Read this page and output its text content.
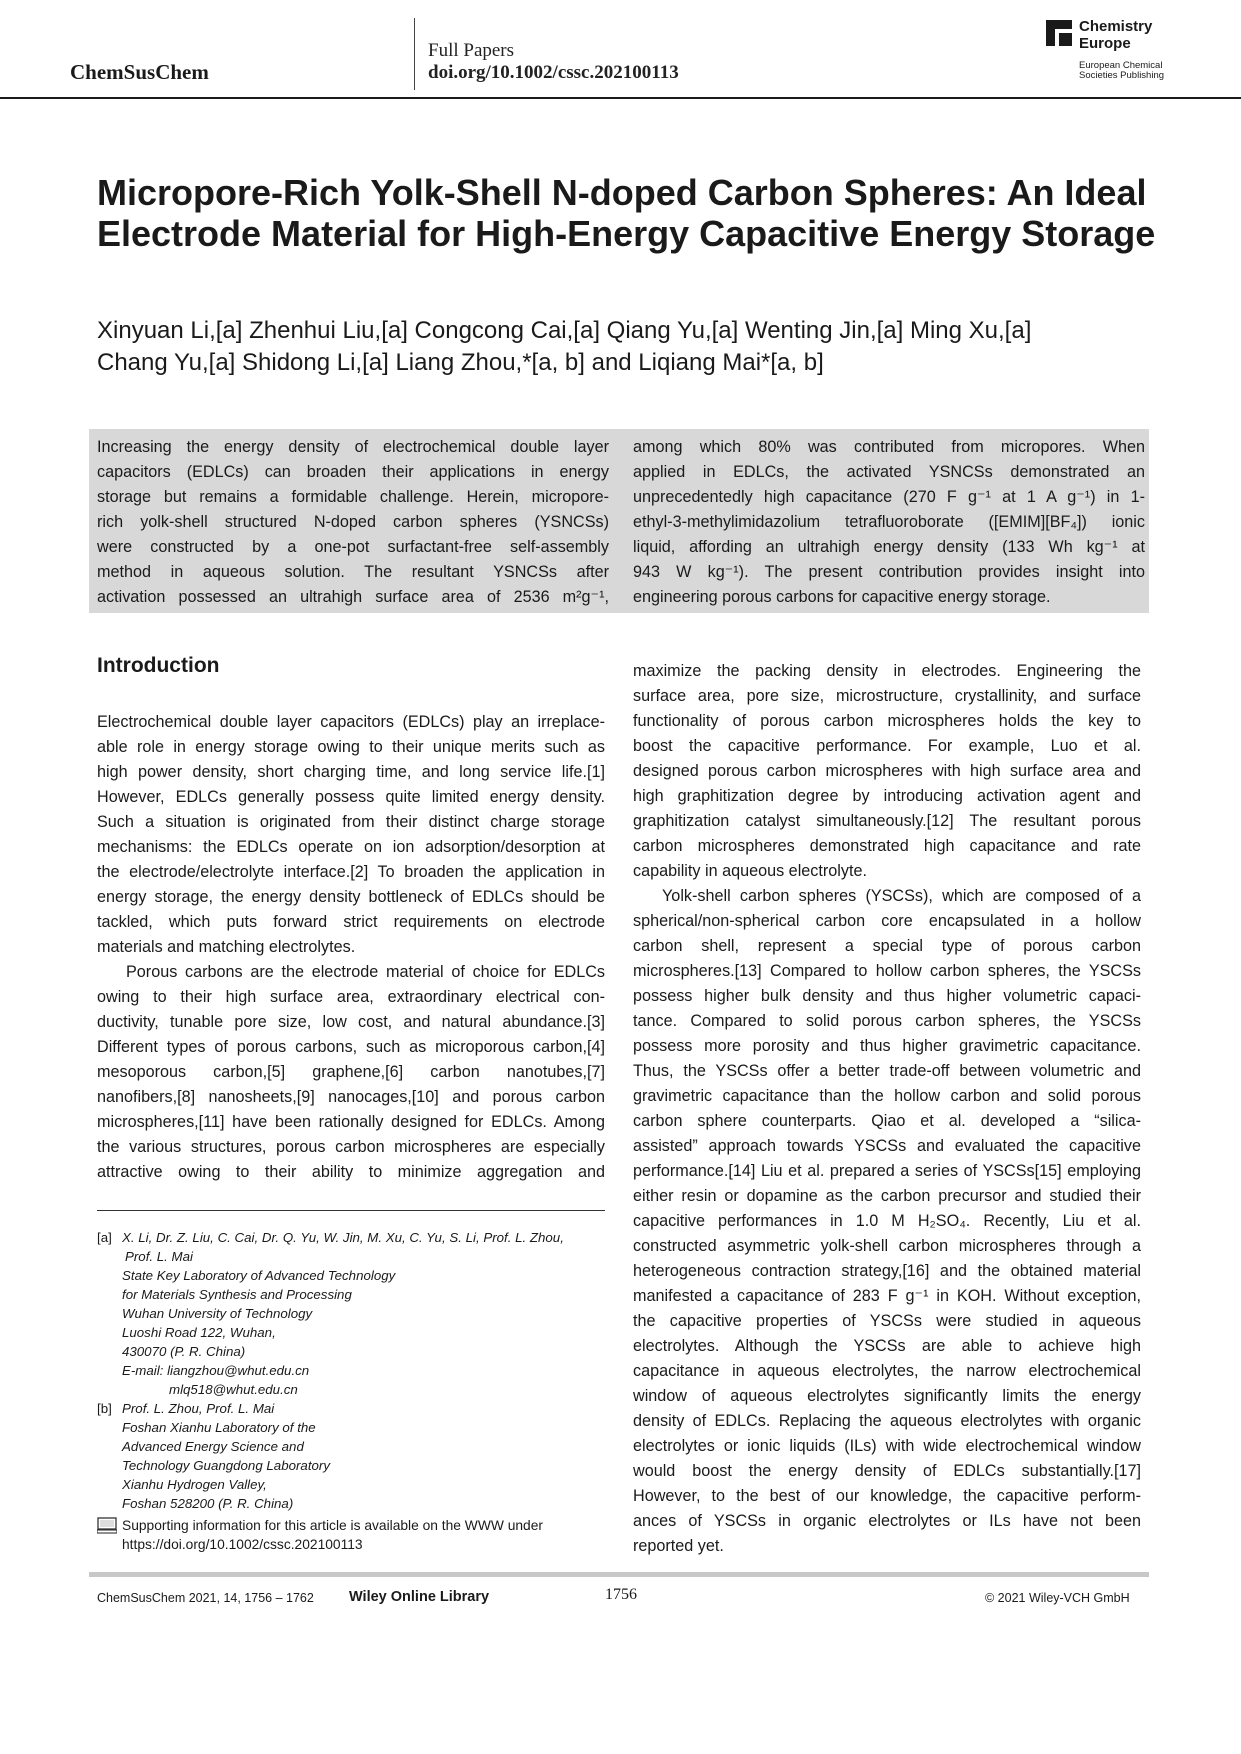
ChemSusChem
Full Papers
doi.org/10.1002/cssc.202100113
Chemistry
Europe
European Chemical
Societies Publishing
Micropore-Rich Yolk-Shell N-doped Carbon Spheres: An Ideal Electrode Material for High-Energy Capacitive Energy Storage
Xinyuan Li,[a] Zhenhui Liu,[a] Congcong Cai,[a] Qiang Yu,[a] Wenting Jin,[a] Ming Xu,[a]
Chang Yu,[a] Shidong Li,[a] Liang Zhou,*[a, b] and Liqiang Mai*[a, b]
Increasing the energy density of electrochemical double layer
capacitors (EDLCs) can broaden their applications in energy
storage but remains a formidable challenge. Herein, micropore-
rich yolk-shell structured N-doped carbon spheres (YSNCSs)
were constructed by a one-pot surfactant-free self-assembly
method in aqueous solution. The resultant YSNCSs after
activation possessed an ultrahigh surface area of 2536 m²g⁻¹,
among which 80% was contributed from micropores. When
applied in EDLCs, the activated YSNCSs demonstrated an
unprecedentedly high capacitance (270 F g⁻¹ at 1 A g⁻¹) in 1-
ethyl-3-methylimidazolium tetrafluoroborate ([EMIM][BF₄]) ionic
liquid, affording an ultrahigh energy density (133 Wh kg⁻¹ at
943 W kg⁻¹). The present contribution provides insight into
engineering porous carbons for capacitive energy storage.
Introduction
Electrochemical double layer capacitors (EDLCs) play an irreplace-
able role in energy storage owing to their unique merits such as
high power density, short charging time, and long service life.[1]
However, EDLCs generally possess quite limited energy density.
Such a situation is originated from their distinct charge storage
mechanisms: the EDLCs operate on ion adsorption/desorption at
the electrode/electrolyte interface.[2] To broaden the application in
energy storage, the energy density bottleneck of EDLCs should be
tackled, which puts forward strict requirements on electrode
materials and matching electrolytes.
Porous carbons are the electrode material of choice for EDLCs
owing to their high surface area, extraordinary electrical con-
ductivity, tunable pore size, low cost, and natural abundance.[3]
Different types of porous carbons, such as microporous carbon,[4]
mesoporous carbon,[5] graphene,[6] carbon nanotubes,[7]
nanofibers,[8] nanosheets,[9] nanocages,[10] and porous carbon
microspheres,[11] have been rationally designed for EDLCs. Among
the various structures, porous carbon microspheres are especially
attractive owing to their ability to minimize aggregation and
maximize the packing density in electrodes. Engineering the
surface area, pore size, microstructure, crystallinity, and surface
functionality of porous carbon microspheres holds the key to
boost the capacitive performance. For example, Luo et al.
designed porous carbon microspheres with high surface area and
high graphitization degree by introducing activation agent and
graphitization catalyst simultaneously.[12] The resultant porous
carbon microspheres demonstrated high capacitance and rate
capability in aqueous electrolyte.
Yolk-shell carbon spheres (YSCSs), which are composed of a
spherical/non-spherical carbon core encapsulated in a hollow
carbon shell, represent a special type of porous carbon
microspheres.[13] Compared to hollow carbon spheres, the YSCSs
possess higher bulk density and thus higher volumetric capaci-
tance. Compared to solid porous carbon spheres, the YSCSs
possess more porosity and thus higher gravimetric capacitance.
Thus, the YSCSs offer a better trade-off between volumetric and
gravimetric capacitance than the hollow carbon and solid porous
carbon sphere counterparts. Qiao et al. developed a “silica-
assisted” approach towards YSCSs and evaluated the capacitive
performance.[14] Liu et al. prepared a series of YSCSs[15] employing
either resin or dopamine as the carbon precursor and studied their
capacitive performances in 1.0 M H₂SO₄. Recently, Liu et al.
constructed asymmetric yolk-shell carbon microspheres through a
heterogeneous contraction strategy,[16] and the obtained material
manifested a capacitance of 283 F g⁻¹ in KOH. Without exception,
the capacitive properties of YSCSs were studied in aqueous
electrolytes. Although the YSCSs are able to achieve high
capacitance in aqueous electrolytes, the narrow electrochemical
window of aqueous electrolytes significantly limits the energy
density of EDLCs. Replacing the aqueous electrolytes with organic
electrolytes or ionic liquids (ILs) with wide electrochemical window
would boost the energy density of EDLCs substantially.[17]
However, to the best of our knowledge, the capacitive perform-
ances of YSCSs in organic electrolytes or ILs have not been
reported yet.
[a] X. Li, Dr. Z. Liu, C. Cai, Dr. Q. Yu, W. Jin, M. Xu, C. Yu, S. Li, Prof. L. Zhou,
Prof. L. Mai
State Key Laboratory of Advanced Technology
for Materials Synthesis and Processing
Wuhan University of Technology
Luoshi Road 122, Wuhan,
430070 (P. R. China)
E-mail: liangzhou@whut.edu.cn
mlq518@whut.edu.cn
[b] Prof. L. Zhou, Prof. L. Mai
Foshan Xianhu Laboratory of the
Advanced Energy Science and
Technology Guangdong Laboratory
Xianhu Hydrogen Valley,
Foshan 528200 (P. R. China)
Supporting information for this article is available on the WWW under
https://doi.org/10.1002/cssc.202100113
ChemSusChem 2021, 14, 1756 – 1762 Wiley Online Library	1756	© 2021 Wiley-VCH GmbH
